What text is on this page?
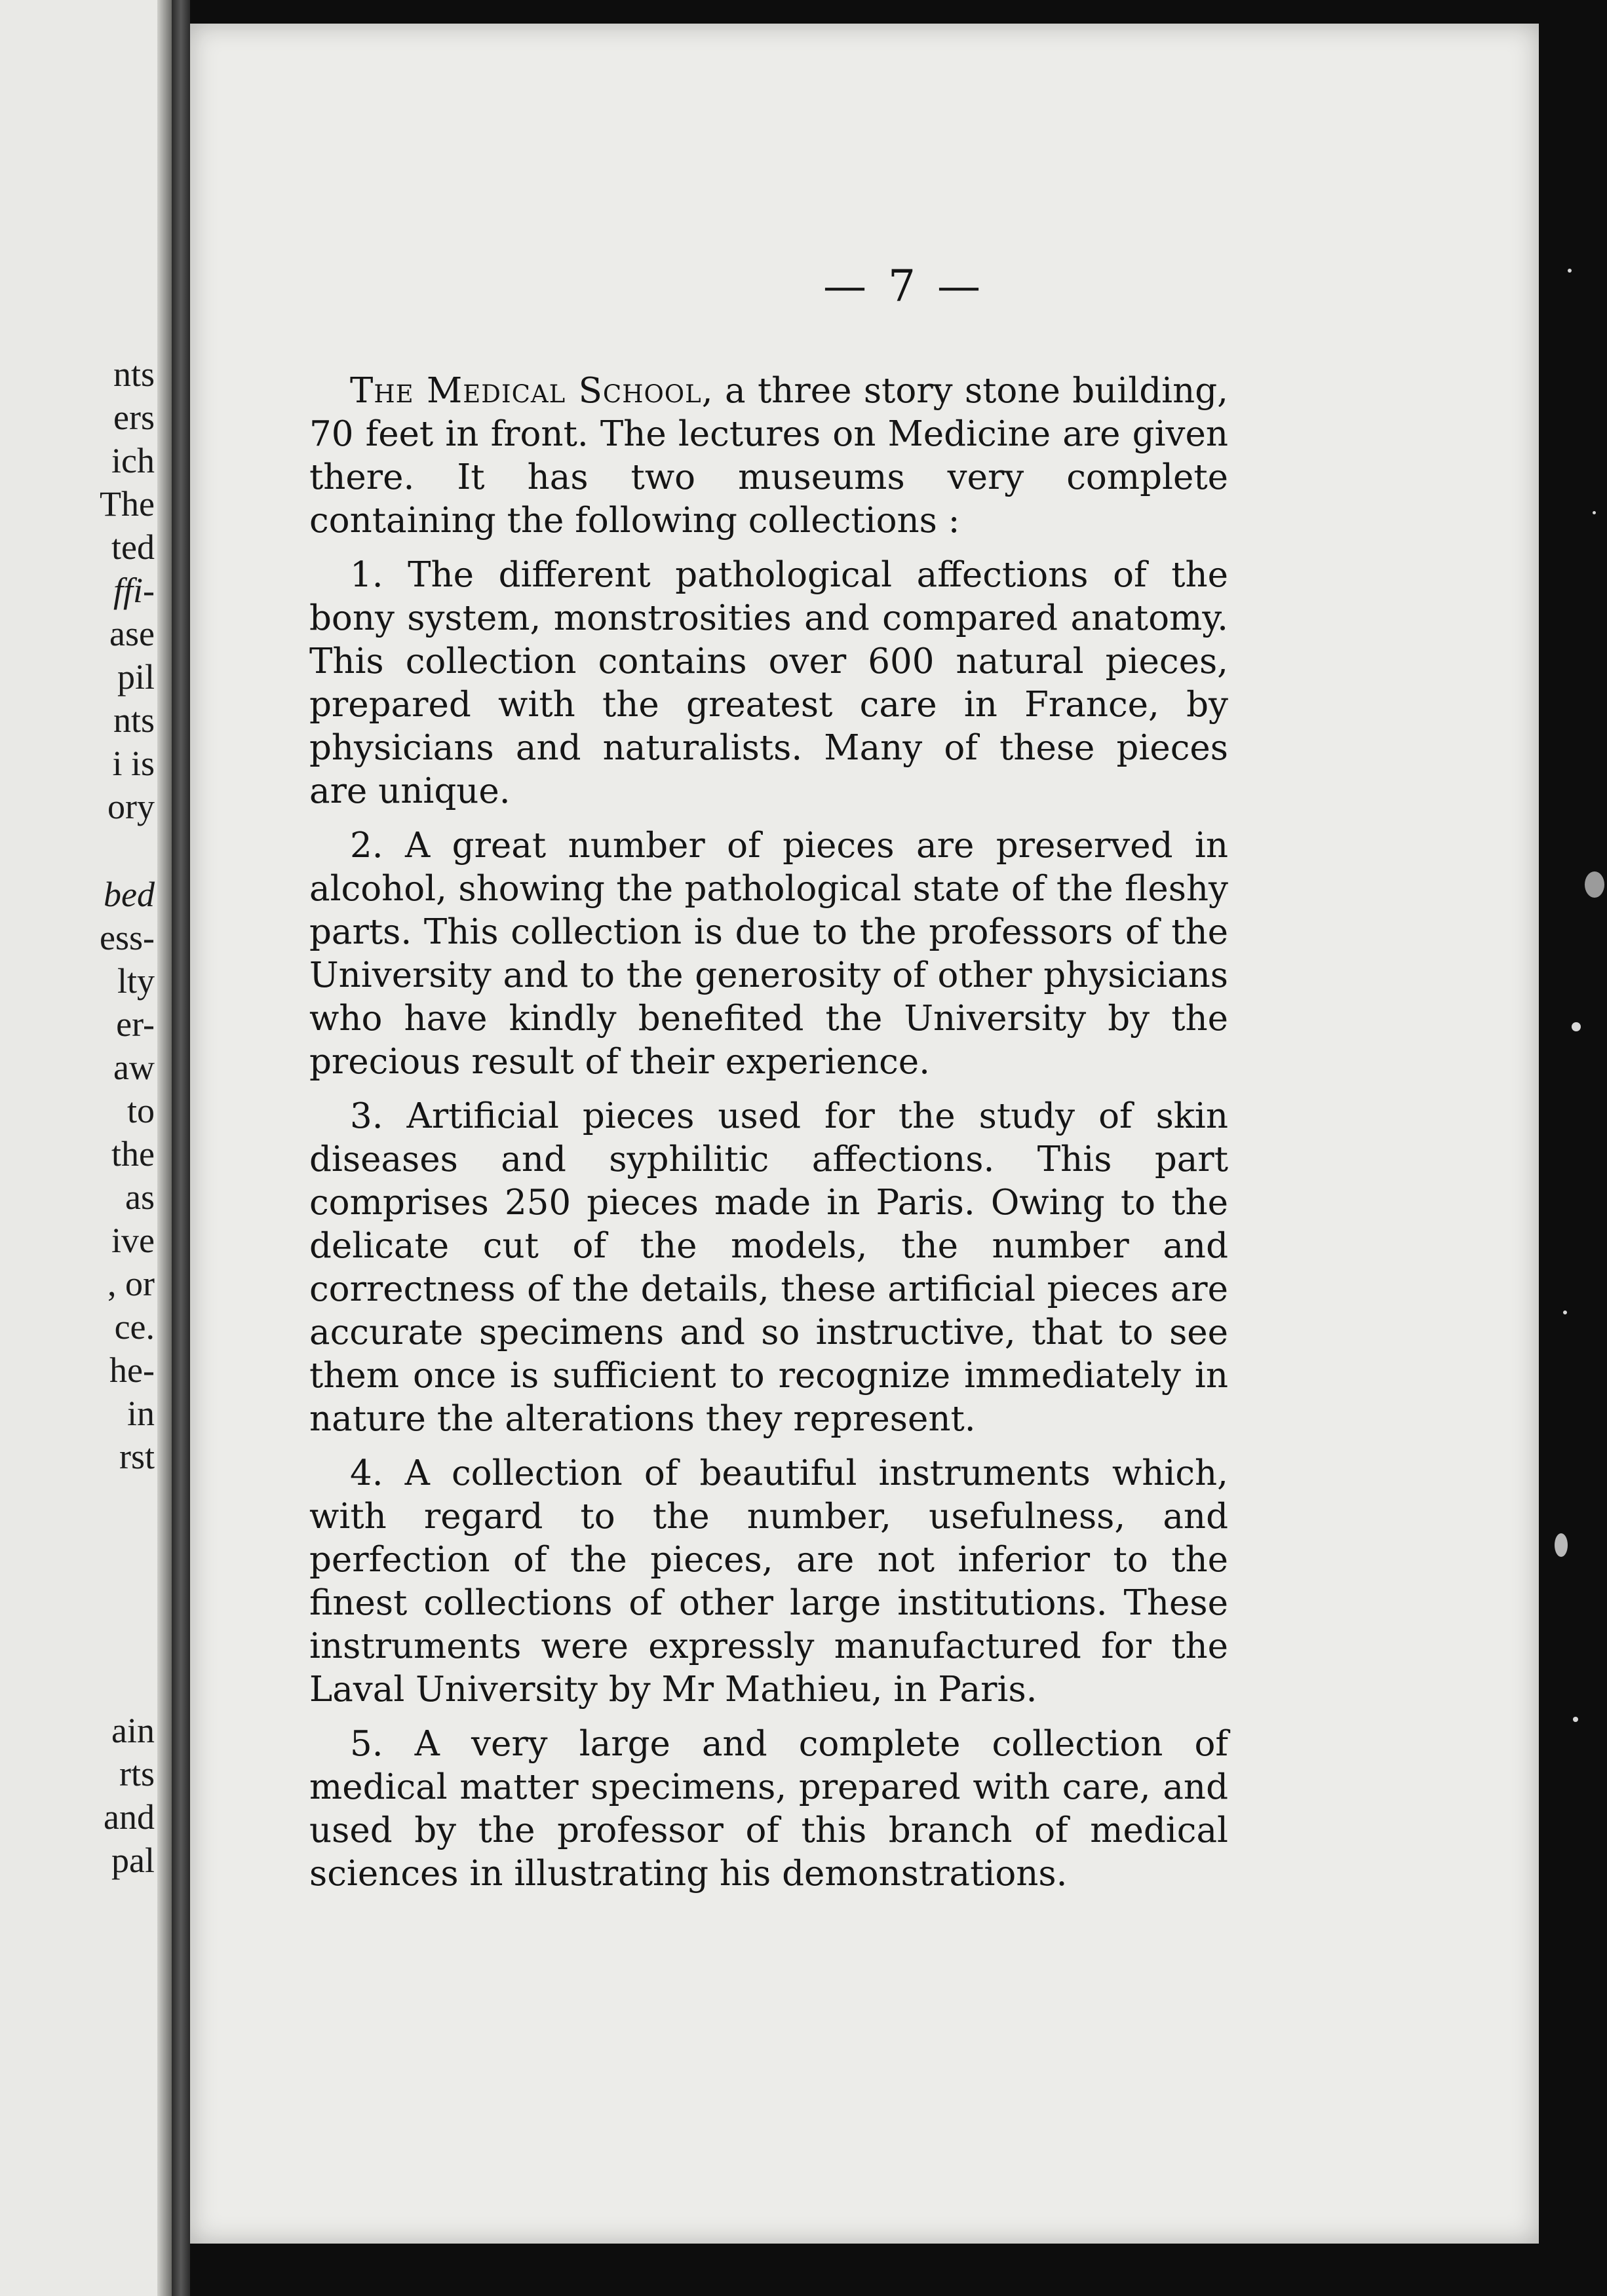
nts
ers
ich
The
ted
ffi-
ase
pil
nts
i is
ory
bed
ess-
lty
er-
aw
to
the
as
ive
, or
ce.
he-
in
rst
ain
rts
and
pal
— 7 —

The Medical School, a three story stone building, 70 feet in front. The lectures on Medicine are given there. It has two museums very complete containing the following collections :

1. The different pathological affections of the bony system, monstrosities and compared anatomy. This collection contains over 600 natural pieces, prepared with the greatest care in France, by physicians and naturalists. Many of these pieces are unique.

2. A great number of pieces are preserved in alcohol, showing the pathological state of the fleshy parts. This collection is due to the professors of the University and to the generosity of other physicians who have kindly benefited the University by the precious result of their experience.

3. Artificial pieces used for the study of skin diseases and syphilitic affections. This part comprises 250 pieces made in Paris. Owing to the delicate cut of the models, the number and correctness of the details, these artificial pieces are accurate specimens and so instructive, that to see them once is sufficient to recognize immediately in nature the alterations they represent.

4. A collection of beautiful instruments which, with regard to the number, usefulness, and perfection of the pieces, are not inferior to the finest collections of other large institutions. These instruments were expressly manufactured for the Laval University by Mr Mathieu, in Paris.

5. A very large and complete collection of medical matter specimens, prepared with care, and used by the professor of this branch of medical sciences in illustrating his demonstrations.
